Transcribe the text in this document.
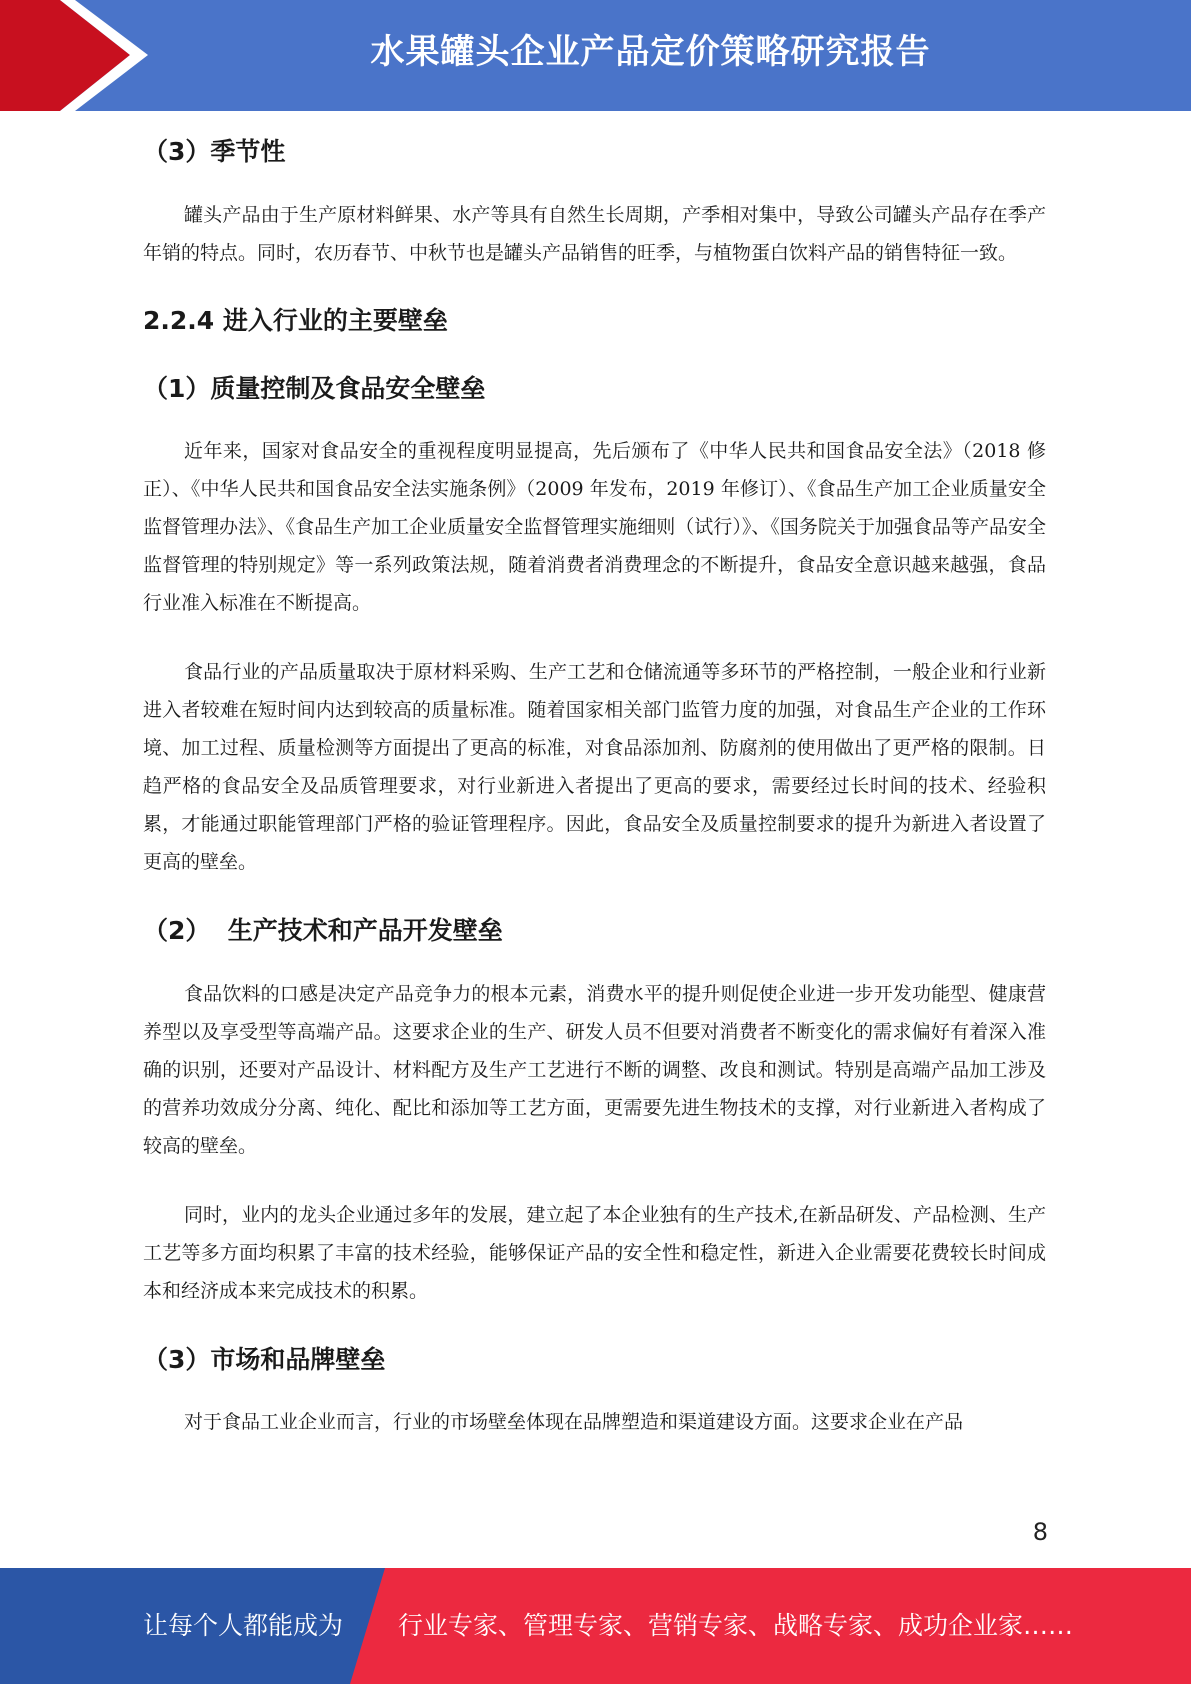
水果罐头企业产品定价策略研究报告
（3）季节性

罐头产品由于生产原材料鲜果、水产等具有自然生长周期，产季相对集中，导致公司罐头产品存在季产年销的特点。同时，农历春节、中秋节也是罐头产品销售的旺季，与植物蛋白饮料产品的销售特征一致。

2.2.4 进入行业的主要壁垒
（1）质量控制及食品安全壁垒

近年来，国家对食品安全的重视程度明显提高，先后颁布了《中华人民共和国食品安全法》（2018 修正）、《中华人民共和国食品安全法实施条例》（2009 年发布，2019 年修订）、《食品生产加工企业质量安全监督管理办法》、《食品生产加工企业质量安全监督管理实施细则（试行）》、《国务院关于加强食品等产品安全监督管理的特别规定》等一系列政策法规，随着消费者消费理念的不断提升，食品安全意识越来越强，食品行业准入标准在不断提高。

食品行业的产品质量取决于原材料采购、生产工艺和仓储流通等多环节的严格控制，一般企业和行业新进入者较难在短时间内达到较高的质量标准。随着国家相关部门监管力度的加强，对食品生产企业的工作环境、加工过程、质量检测等方面提出了更高的标准，对食品添加剂、防腐剂的使用做出了更严格的限制。日趋严格的食品安全及品质管理要求，对行业新进入者提出了更高的要求，需要经过长时间的技术、经验积累，才能通过职能管理部门严格的验证管理程序。因此，食品安全及质量控制要求的提升为新进入者设置了更高的壁垒。

（2）  生产技术和产品开发壁垒

食品饮料的口感是决定产品竞争力的根本元素，消费水平的提升则促使企业进一步开发功能型、健康营养型以及享受型等高端产品。这要求企业的生产、研发人员不但要对消费者不断变化的需求偏好有着深入准确的识别，还要对产品设计、材料配方及生产工艺进行不断的调整、改良和测试。特别是高端产品加工涉及的营养功效成分分离、纯化、配比和添加等工艺方面，更需要先进生物技术的支撑，对行业新进入者构成了较高的壁垒。

同时，业内的龙头企业通过多年的发展，建立起了本企业独有的生产技术,在新品研发、产品检测、生产工艺等多方面均积累了丰富的技术经验，能够保证产品的安全性和稳定性，新进入企业需要花费较长时间成本和经济成本来完成技术的积累。

（3）市场和品牌壁垒

对于食品工业企业而言，行业的市场壁垒体现在品牌塑造和渠道建设方面。这要求企业在产品

8
让每个人都能成为 行业专家、管理专家、营销专家、战略专家、成功企业家……
